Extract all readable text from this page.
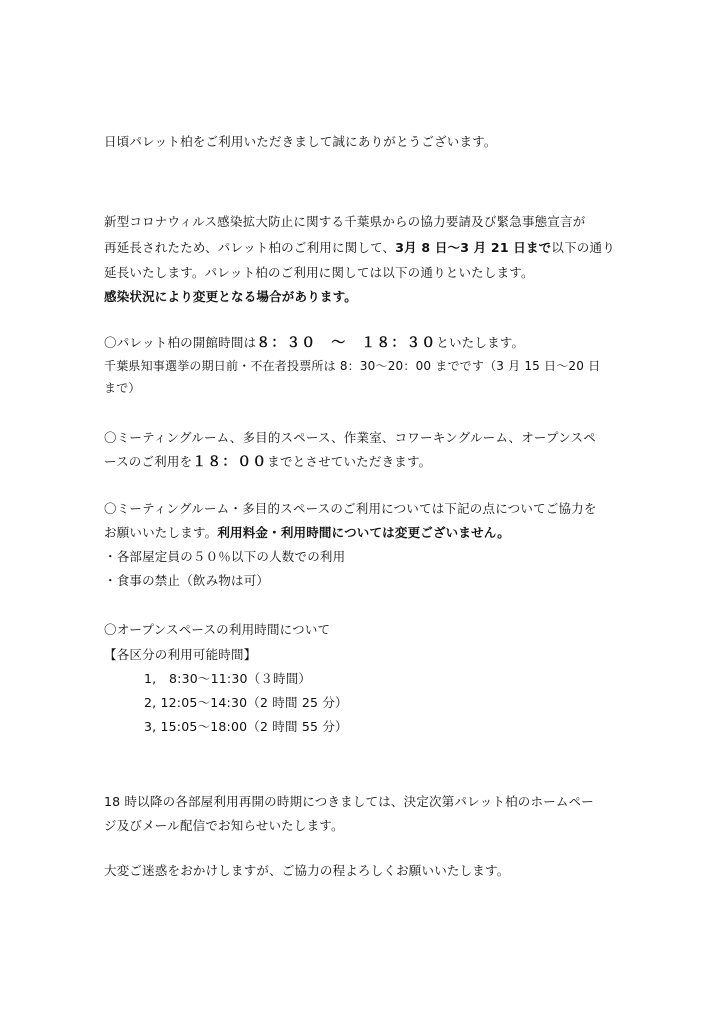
日頃パレット柏をご利用いただきまして誠にありがとうございます。
新型コロナウィルス感染拡大防止に関する千葉県からの協力要請及び緊急事態宣言が
再延長されたため、パレット柏のご利用に関して、3月 8 日～3 月 21 日まで以下の通り
延長いたします。パレット柏のご利用に関しては以下の通りといたします。
感染状況により変更となる場合があります。
〇パレット柏の開館時間は８：３０　～　１８：３０といたします。
千葉県知事選挙の期日前・不在者投票所は 8：30～20：00 までです（3 月 15 日～20 日
まで）
〇ミーティングルーム、多目的スペース、作業室、コワーキングルーム、オープンスペ
ースのご利用を１８：００までとさせていただきます。
〇ミーティングルーム・多目的スペースのご利用については下記の点についてご協力を
お願いいたします。利用料金・利用時間については変更ございません。
・各部屋定員の５０％以下の人数での利用
・食事の禁止（飲み物は可）
〇オープンスペースの利用時間について
【各区分の利用可能時間】
1,　8:30～11:30（３時間）
2, 12:05～14:30（2 時間 25 分）
3, 15:05～18:00（2 時間 55 分）
18 時以降の各部屋利用再開の時期につきましては、決定次第パレット柏のホームペー
ジ及びメール配信でお知らせいたします。
大変ご迷惑をおかけしますが、ご協力の程よろしくお願いいたします。
